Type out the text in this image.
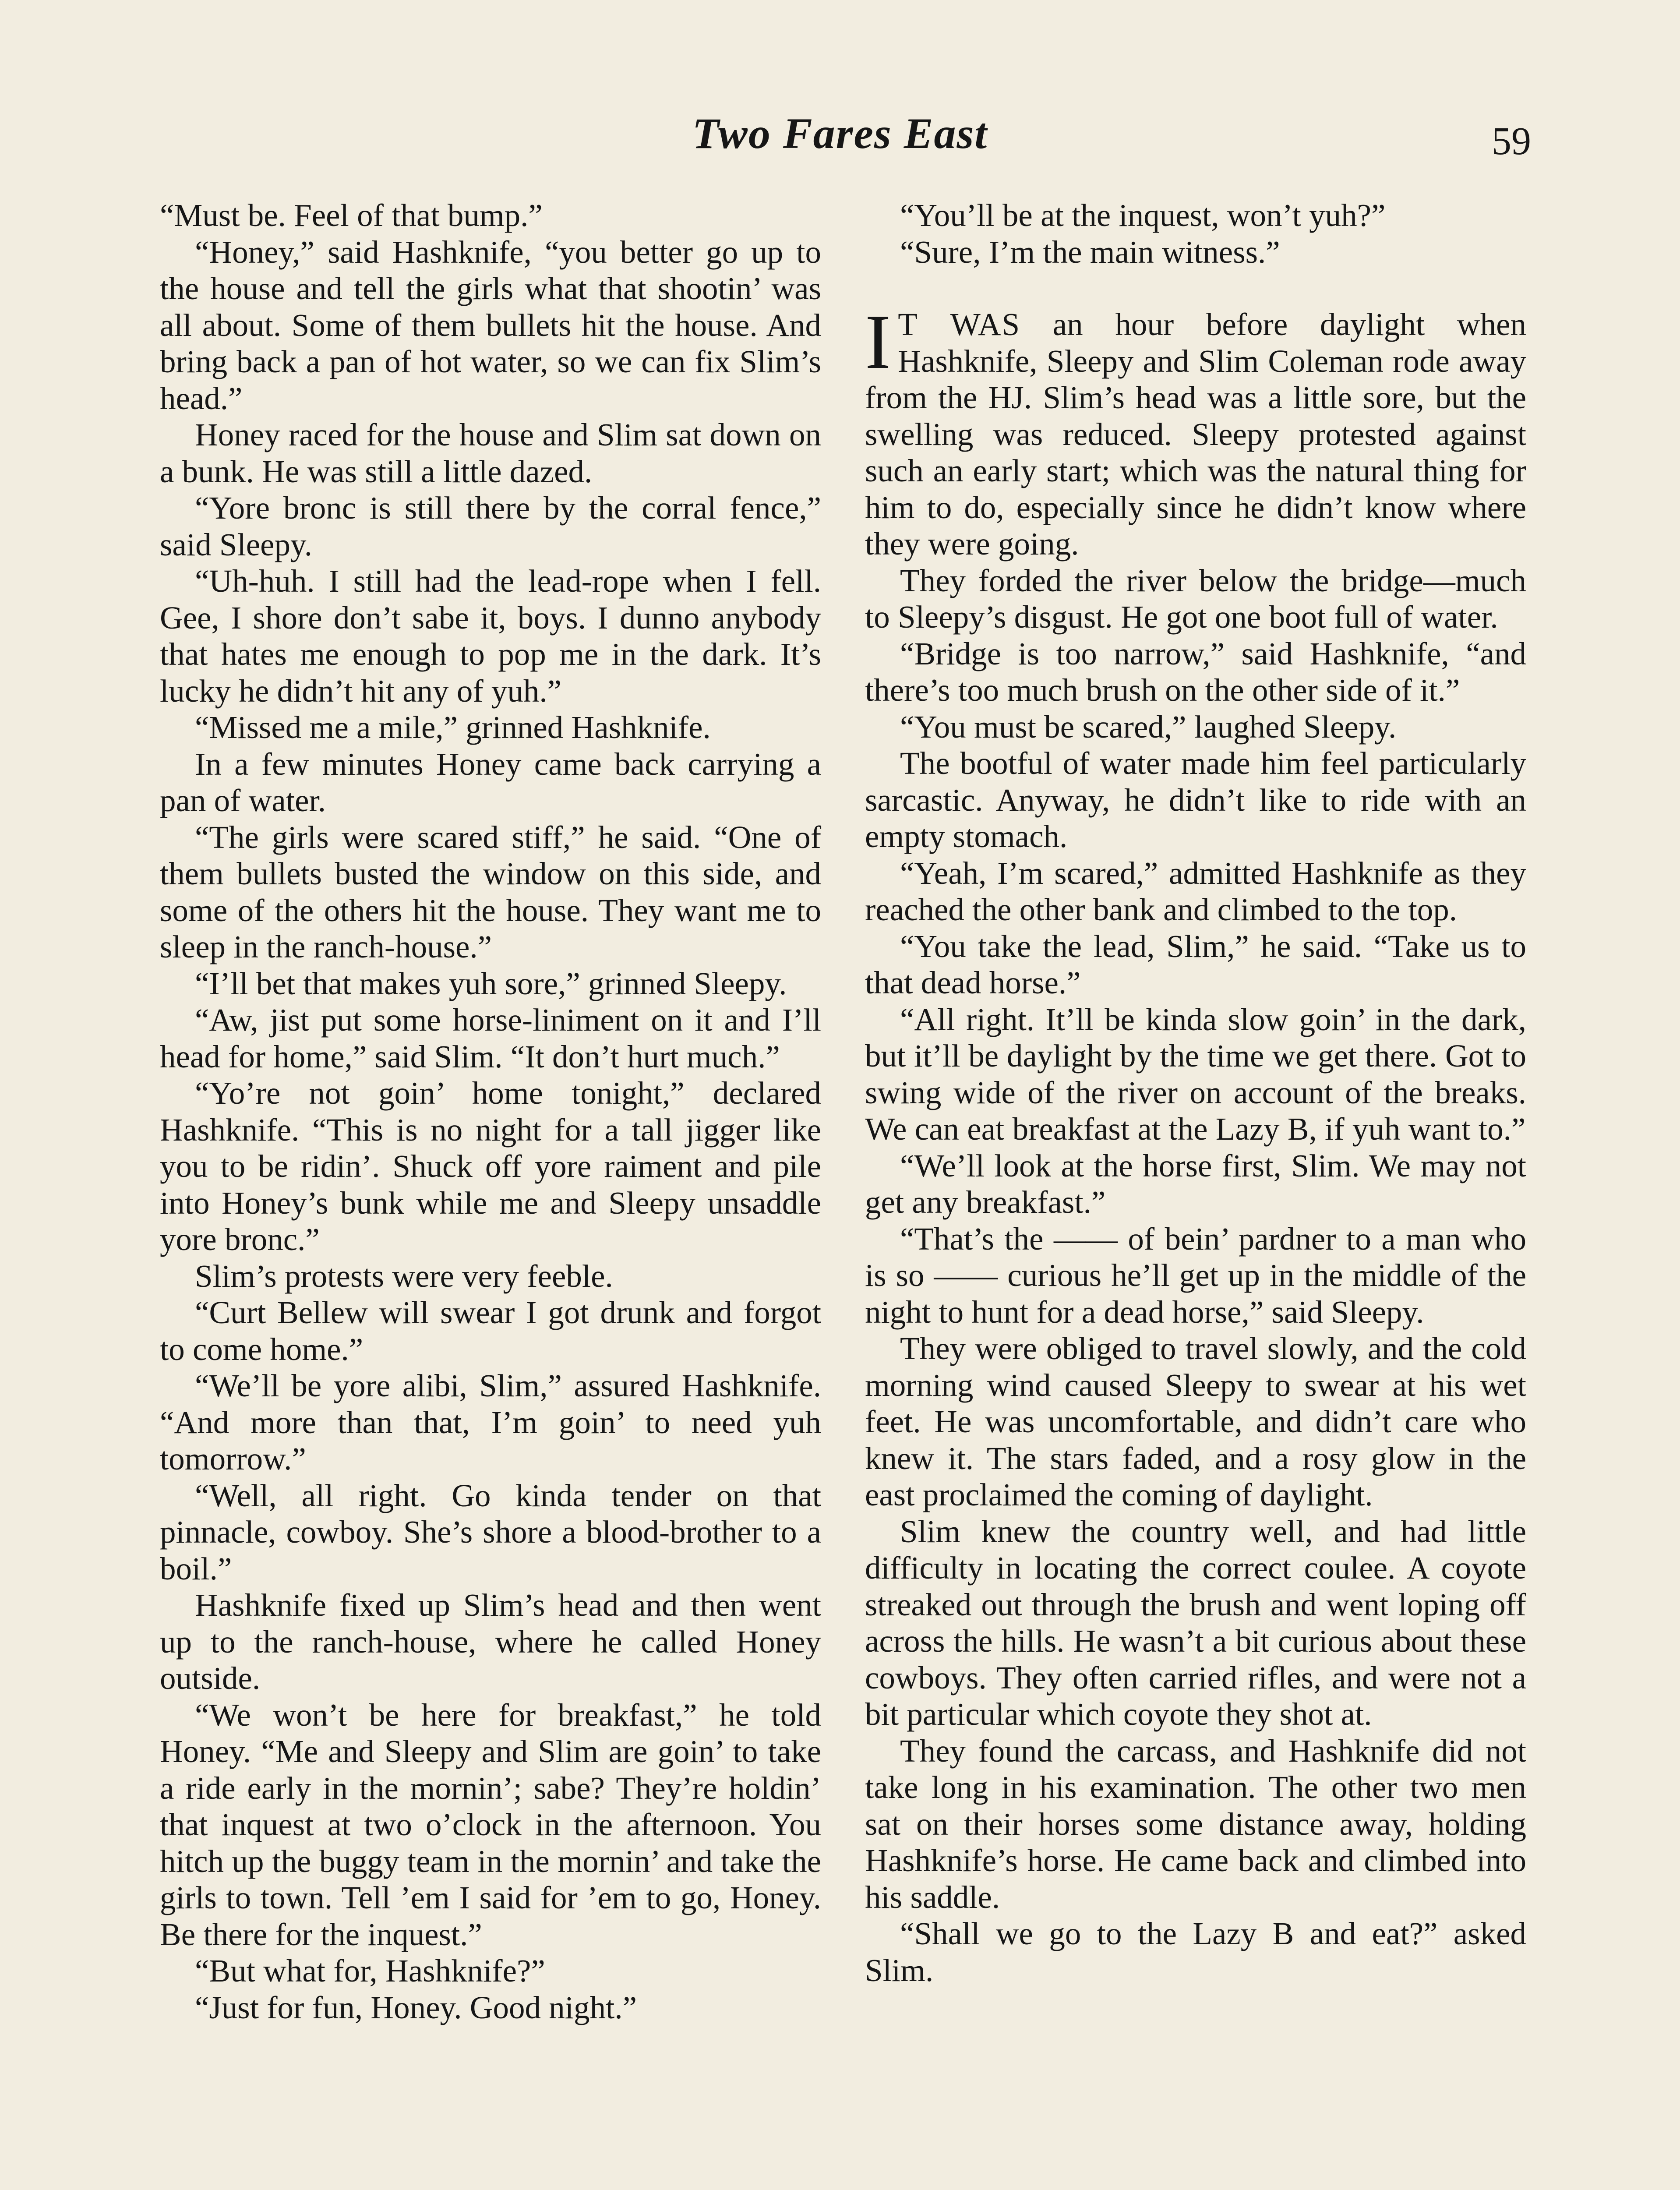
Two Fares East	59

“Must be. Feel of that bump.”

“Honey,” said Hashknife, “you better go up to the house and tell the girls what that shootin’ was all about. Some of them bullets hit the house. And bring back a pan of hot water, so we can fix Slim’s head.”

Honey raced for the house and Slim sat down on a bunk. He was still a little dazed.

“Yore bronc is still there by the corral fence,” said Sleepy.

“Uh-huh. I still had the lead-rope when I fell. Gee, I shore don’t sabe it, boys. I dunno anybody that hates me enough to pop me in the dark. It’s lucky he didn’t hit any of yuh.”

“Missed me a mile,” grinned Hashknife.

In a few minutes Honey came back carrying a pan of water.

“The girls were scared stiff,” he said. “One of them bullets busted the window on this side, and some of the others hit the house. They want me to sleep in the ranch-house.”

“I’ll bet that makes yuh sore,” grinned Sleepy.

“Aw, jist put some horse-liniment on it and I’ll head for home,” said Slim. “It don’t hurt much.”

“Yo’re not goin’ home tonight,” declared Hashknife. “This is no night for a tall jigger like you to be ridin’. Shuck off yore raiment and pile into Honey’s bunk while me and Sleepy unsaddle yore bronc.”

Slim’s protests were very feeble.

“Curt Bellew will swear I got drunk and forgot to come home.”

“We’ll be yore alibi, Slim,” assured Hashknife. “And more than that, I’m goin’ to need yuh tomorrow.”

“Well, all right. Go kinda tender on that pinnacle, cowboy. She’s shore a blood-brother to a boil.”

Hashknife fixed up Slim’s head and then went up to the ranch-house, where he called Honey outside.

“We won’t be here for breakfast,” he told Honey. “Me and Sleepy and Slim are goin’ to take a ride early in the mornin’; sabe? They’re holdin’ that inquest at two o’clock in the afternoon. You hitch up the buggy team in the mornin’ and take the girls to town. Tell ’em I said for ’em to go, Honey. Be there for the inquest.”

“But what for, Hashknife?”

“Just for fun, Honey. Good night.”

“You’ll be at the inquest, won’t yuh?”

“Sure, I’m the main witness.”

I T WAS an hour before daylight when Hashknife, Sleepy and Slim Coleman rode away from the HJ. Slim’s head was a little sore, but the swelling was reduced. Sleepy protested against such an early start; which was the natural thing for him to do, especially since he didn’t know where they were going.

They forded the river below the bridge—much to Sleepy’s disgust. He got one boot full of water.

“Bridge is too narrow,” said Hashknife, “and there’s too much brush on the other side of it.”

“You must be scared,” laughed Sleepy.

The bootful of water made him feel particularly sarcastic. Anyway, he didn’t like to ride with an empty stomach.

“Yeah, I’m scared,” admitted Hashknife as they reached the other bank and climbed to the top.

“You take the lead, Slim,” he said. “Take us to that dead horse.”

“All right. It’ll be kinda slow goin’ in the dark, but it’ll be daylight by the time we get there. Got to swing wide of the river on account of the breaks. We can eat breakfast at the Lazy B, if yuh want to.”

“We’ll look at the horse first, Slim. We may not get any breakfast.”

“That’s the —— of bein’ pardner to a man who is so —— curious he’ll get up in the middle of the night to hunt for a dead horse,” said Sleepy.

They were obliged to travel slowly, and the cold morning wind caused Sleepy to swear at his wet feet. He was uncomfortable, and didn’t care who knew it. The stars faded, and a rosy glow in the east proclaimed the coming of daylight.

Slim knew the country well, and had little difficulty in locating the correct coulee. A coyote streaked out through the brush and went loping off across the hills. He wasn’t a bit curious about these cowboys. They often carried rifles, and were not a bit particular which coyote they shot at.

They found the carcass, and Hashknife did not take long in his examination. The other two men sat on their horses some distance away, holding Hashknife’s horse. He came back and climbed into his saddle.

“Shall we go to the Lazy B and eat?” asked Slim.
